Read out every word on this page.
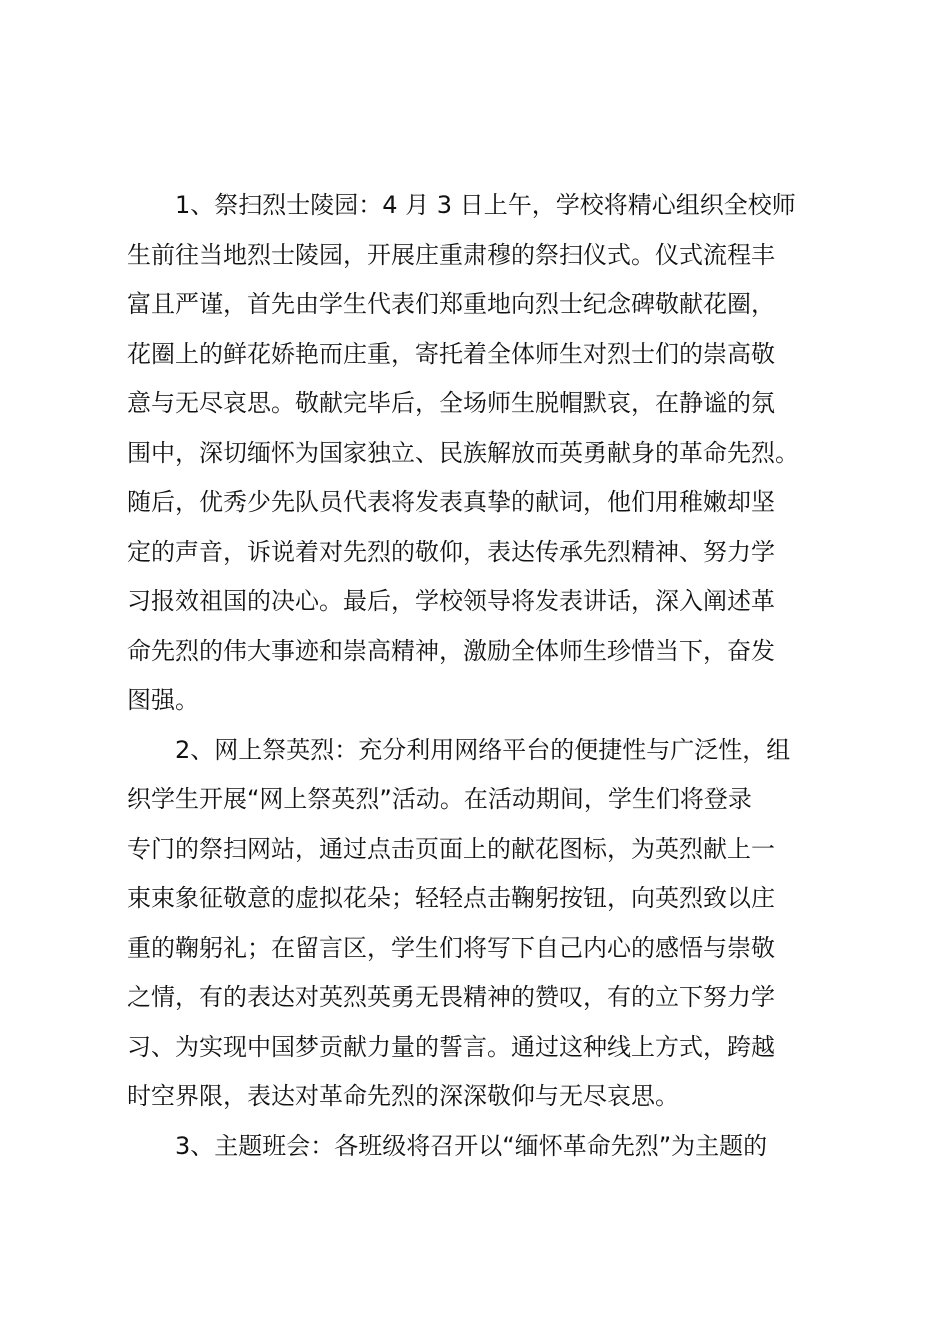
1、祭扫烈士陵园：4 月 3 日上午，学校将精心组织全校师
生前往当地烈士陵园，开展庄重肃穆的祭扫仪式。仪式流程丰
富且严谨，首先由学生代表们郑重地向烈士纪念碑敬献花圈，
花圈上的鲜花娇艳而庄重，寄托着全体师生对烈士们的崇高敬
意与无尽哀思。敬献完毕后，全场师生脱帽默哀，在静谧的氛
围中，深切缅怀为国家独立、民族解放而英勇献身的革命先烈。
随后，优秀少先队员代表将发表真挚的献词，他们用稚嫩却坚
定的声音，诉说着对先烈的敬仰，表达传承先烈精神、努力学
习报效祖国的决心。最后，学校领导将发表讲话，深入阐述革
命先烈的伟大事迹和崇高精神，激励全体师生珍惜当下，奋发
图强。
2、网上祭英烈：充分利用网络平台的便捷性与广泛性，组
织学生开展“网上祭英烈”活动。在活动期间，学生们将登录
专门的祭扫网站，通过点击页面上的献花图标，为英烈献上一
束束象征敬意的虚拟花朵；轻轻点击鞠躬按钮，向英烈致以庄
重的鞠躬礼；在留言区，学生们将写下自己内心的感悟与崇敬
之情，有的表达对英烈英勇无畏精神的赞叹，有的立下努力学
习、为实现中国梦贡献力量的誓言。通过这种线上方式，跨越
时空界限，表达对革命先烈的深深敬仰与无尽哀思。
3、主题班会：各班级将召开以“缅怀革命先烈”为主题的
